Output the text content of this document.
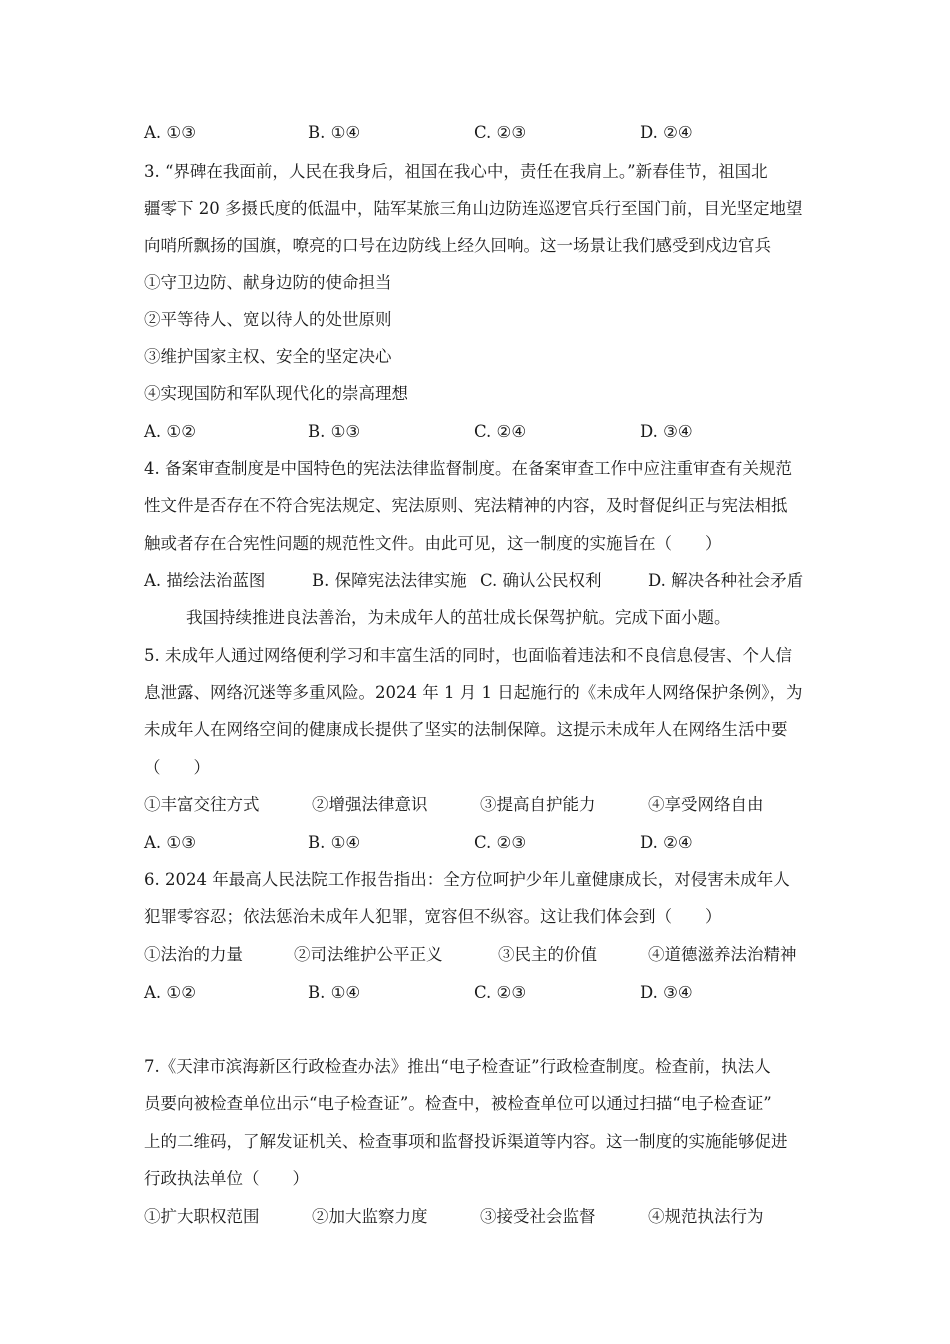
A. ①③	B. ①④	C. ②③	D. ②④
3. “界碑在我面前，人民在我身后，祖国在我心中，责任在我肩上。”新春佳节，祖国北
疆零下 20 多摄氏度的低温中，陆军某旅三角山边防连巡逻官兵行至国门前，目光坚定地望
向哨所飘扬的国旗，嘹亮的口号在边防线上经久回响。这一场景让我们感受到戍边官兵
①守卫边防、献身边防的使命担当
②平等待人、宽以待人的处世原则
③维护国家主权、安全的坚定决心
④实现国防和军队现代化的崇高理想
A. ①②	B. ①③	C. ②④	D. ③④
4. 备案审查制度是中国特色的宪法法律监督制度。在备案审查工作中应注重审查有关规范
性文件是否存在不符合宪法规定、宪法原则、宪法精神的内容，及时督促纠正与宪法相抵
触或者存在合宪性问题的规范性文件。由此可见，这一制度的实施旨在（　　）
A. 描绘法治蓝图	B. 保障宪法法律实施 C. 确认公民权利	D. 解决各种社会矛盾
我国持续推进良法善治，为未成年人的茁壮成长保驾护航。完成下面小题。
5. 未成年人通过网络便利学习和丰富生活的同时，也面临着违法和不良信息侵害、个人信
息泄露、网络沉迷等多重风险。2024 年 1 月 1 日起施行的《未成年人网络保护条例》，为
未成年人在网络空间的健康成长提供了坚实的法制保障。这提示未成年人在网络生活中要
（　　）
①丰富交往方式	②增强法律意识	③提高自护能力	④享受网络自由
A. ①③	B. ①④	C. ②③	D. ②④
6. 2024 年最高人民法院工作报告指出：全方位呵护少年儿童健康成长，对侵害未成年人
犯罪零容忍；依法惩治未成年人犯罪，宽容但不纵容。这让我们体会到（　　）
①法治的力量	②司法维护公平正义	③民主的价值	④道德滋养法治精神
A. ①②	B. ①④	C. ②③	D. ③④
7.《天津市滨海新区行政检查办法》推出“电子检查证”行政检查制度。检查前，执法人
员要向被检查单位出示“电子检查证”。检查中，被检查单位可以通过扫描“电子检查证”
上的二维码，了解发证机关、检查事项和监督投诉渠道等内容。这一制度的实施能够促进
行政执法单位（　　）
①扩大职权范围	②加大监察力度	③接受社会监督	④规范执法行为
